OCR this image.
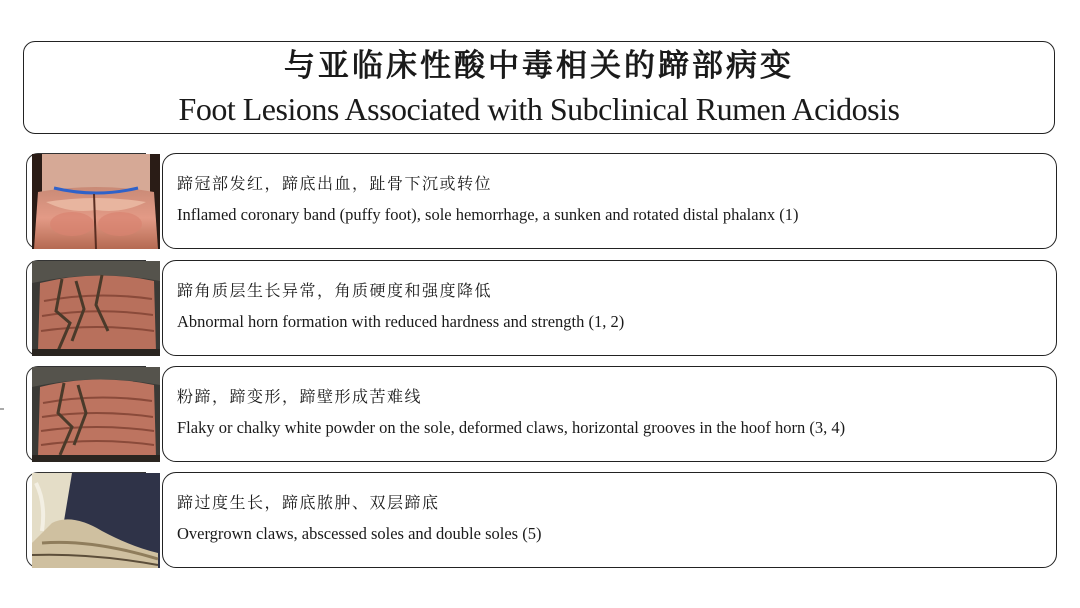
与亚临床性酸中毒相关的蹄部病变
Foot Lesions Associated with Subclinical Rumen Acidosis
蹄冠部发红，蹄底出血，趾骨下沉或转位
Inflamed coronary band (puffy foot), sole hemorrhage, a sunken and rotated distal phalanx (1)
蹄角质层生长异常，角质硬度和强度降低
Abnormal horn formation with reduced hardness and strength (1, 2)
粉蹄，蹄变形，蹄壁形成苦难线
Flaky or chalky white powder on the sole, deformed claws, horizontal grooves in the hoof horn (3, 4)
蹄过度生长，蹄底脓肿、双层蹄底
Overgrown claws, abscessed soles and double soles (5)
